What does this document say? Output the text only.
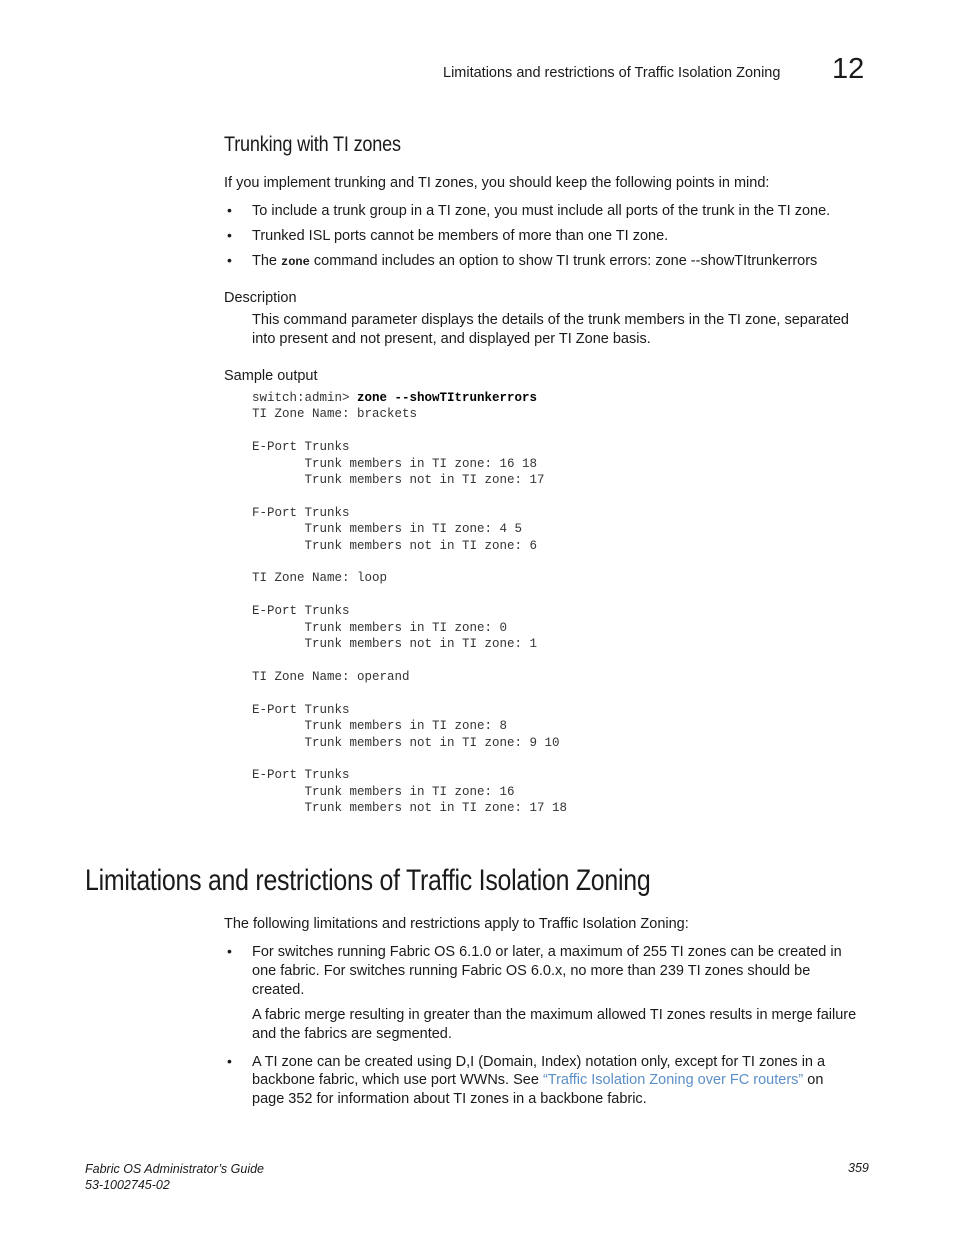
Limitations and restrictions of Traffic Isolation Zoning 12
Trunking with TI zones
If you implement trunking and TI zones, you should keep the following points in mind:
• To include a trunk group in a TI zone, you must include all ports of the trunk in the TI zone.
• Trunked ISL ports cannot be members of more than one TI zone.
• The zone command includes an option to show TI trunk errors: zone --showTItrunkerrors
Description
This command parameter displays the details of the trunk members in the TI zone, separated
into present and not present, and displayed per TI Zone basis.
Sample output
switch:admin> zone --showTItrunkerrors
TI Zone Name: brackets

E-Port Trunks
Trunk members in TI zone: 16 18
Trunk members not in TI zone: 17

F-Port Trunks
Trunk members in TI zone: 4 5
Trunk members not in TI zone: 6

TI Zone Name: loop

E-Port Trunks
Trunk members in TI zone: 0
Trunk members not in TI zone: 1

TI Zone Name: operand

E-Port Trunks
Trunk members in TI zone: 8
Trunk members not in TI zone: 9 10

E-Port Trunks
Trunk members in TI zone: 16
Trunk members not in TI zone: 17 18
Limitations and restrictions of Traffic Isolation Zoning
The following limitations and restrictions apply to Traffic Isolation Zoning:
• For switches running Fabric OS 6.1.0 or later, a maximum of 255 TI zones can be created in
one fabric. For switches running Fabric OS 6.0.x, no more than 239 TI zones should be
created.
A fabric merge resulting in greater than the maximum allowed TI zones results in merge failure
and the fabrics are segmented.
• A TI zone can be created using D,I (Domain, Index) notation only, except for TI zones in a
backbone fabric, which use port WWNs. See “Traffic Isolation Zoning over FC routers” on
page 352 for information about TI zones in a backbone fabric.
Fabric OS Administrator’s Guide
53-1002745-02
359
